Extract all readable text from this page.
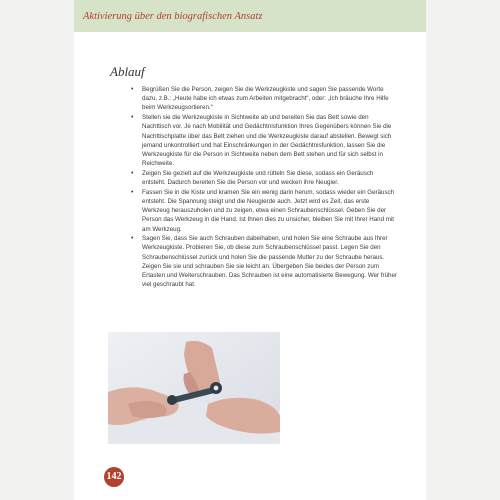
Aktivierung über den biografischen Ansatz
Ablauf
• Begrüßen Sie die Person, zeigen Sie die Werkzeugkiste und sagen Sie passende Worte dazu, z.B.: „Heute habe ich etwas zum Arbeiten mitgebracht“, oder: „Ich bräuche Ihre Hilfe beim Werkzeugsortieren.“
• Stellen sie die Werkzeugkiste in Sichtweite ab und bereiten Sie das Bett sowie den Nachttisch vor. Je nach Mobilität und Gedächtnisfunktion Ihres Gegenübers können Sie die Nachttischplatte über das Bett ziehen und die Werkzeugkiste darauf abstellen. Bewegt sich jemand unkontrolliert und hat Einschränkungen in der Gedächtnisfunktion, lassen Sie die Werkzeugkiste für die Person in Sichtweite neben dem Bett stehen und für sich selbst in Reichweite.
• Zeigen Sie gezielt auf die Werkzeugkiste und rütteln Sie diese, sodass ein Geräusch entsteht. Dadurch bereiten Sie die Person vor und wecken ihre Neugier.
• Fassen Sie in die Kiste und kramen Sie ein wenig darin herum, sodass wieder ein Geräusch entsteht. Die Spannung steigt und die Neugierde auch. Jetzt wird es Zeit, das erste Werkzeug herauszuholen und zu zeigen, etwa einen Schraubenschlüssel. Geben Sie der Person das Werkzeug in die Hand. Ist Ihnen dies zu unsicher, bleiben Sie mit Ihrer Hand mit am Werkzeug.
• Sagen Sie, dass Sie auch Schrauben dabeihaben, und holen Sie eine Schraube aus Ihrer Werkzeugkiste. Probieren Sie, ob diese zum Schraubenschlüssel passt. Legen Sie den Schraubenschlüssel zurück und holen Sie die passende Mutter zu der Schraube heraus. Zeigen Sie sie und schrauben Sie sie leicht an. Übergeben Sie beides der Person zum Ertasten und Weiterschrauben. Das Schrauben ist eine automatisierte Bewegung. Wer früher viel geschraubt hat.
142
